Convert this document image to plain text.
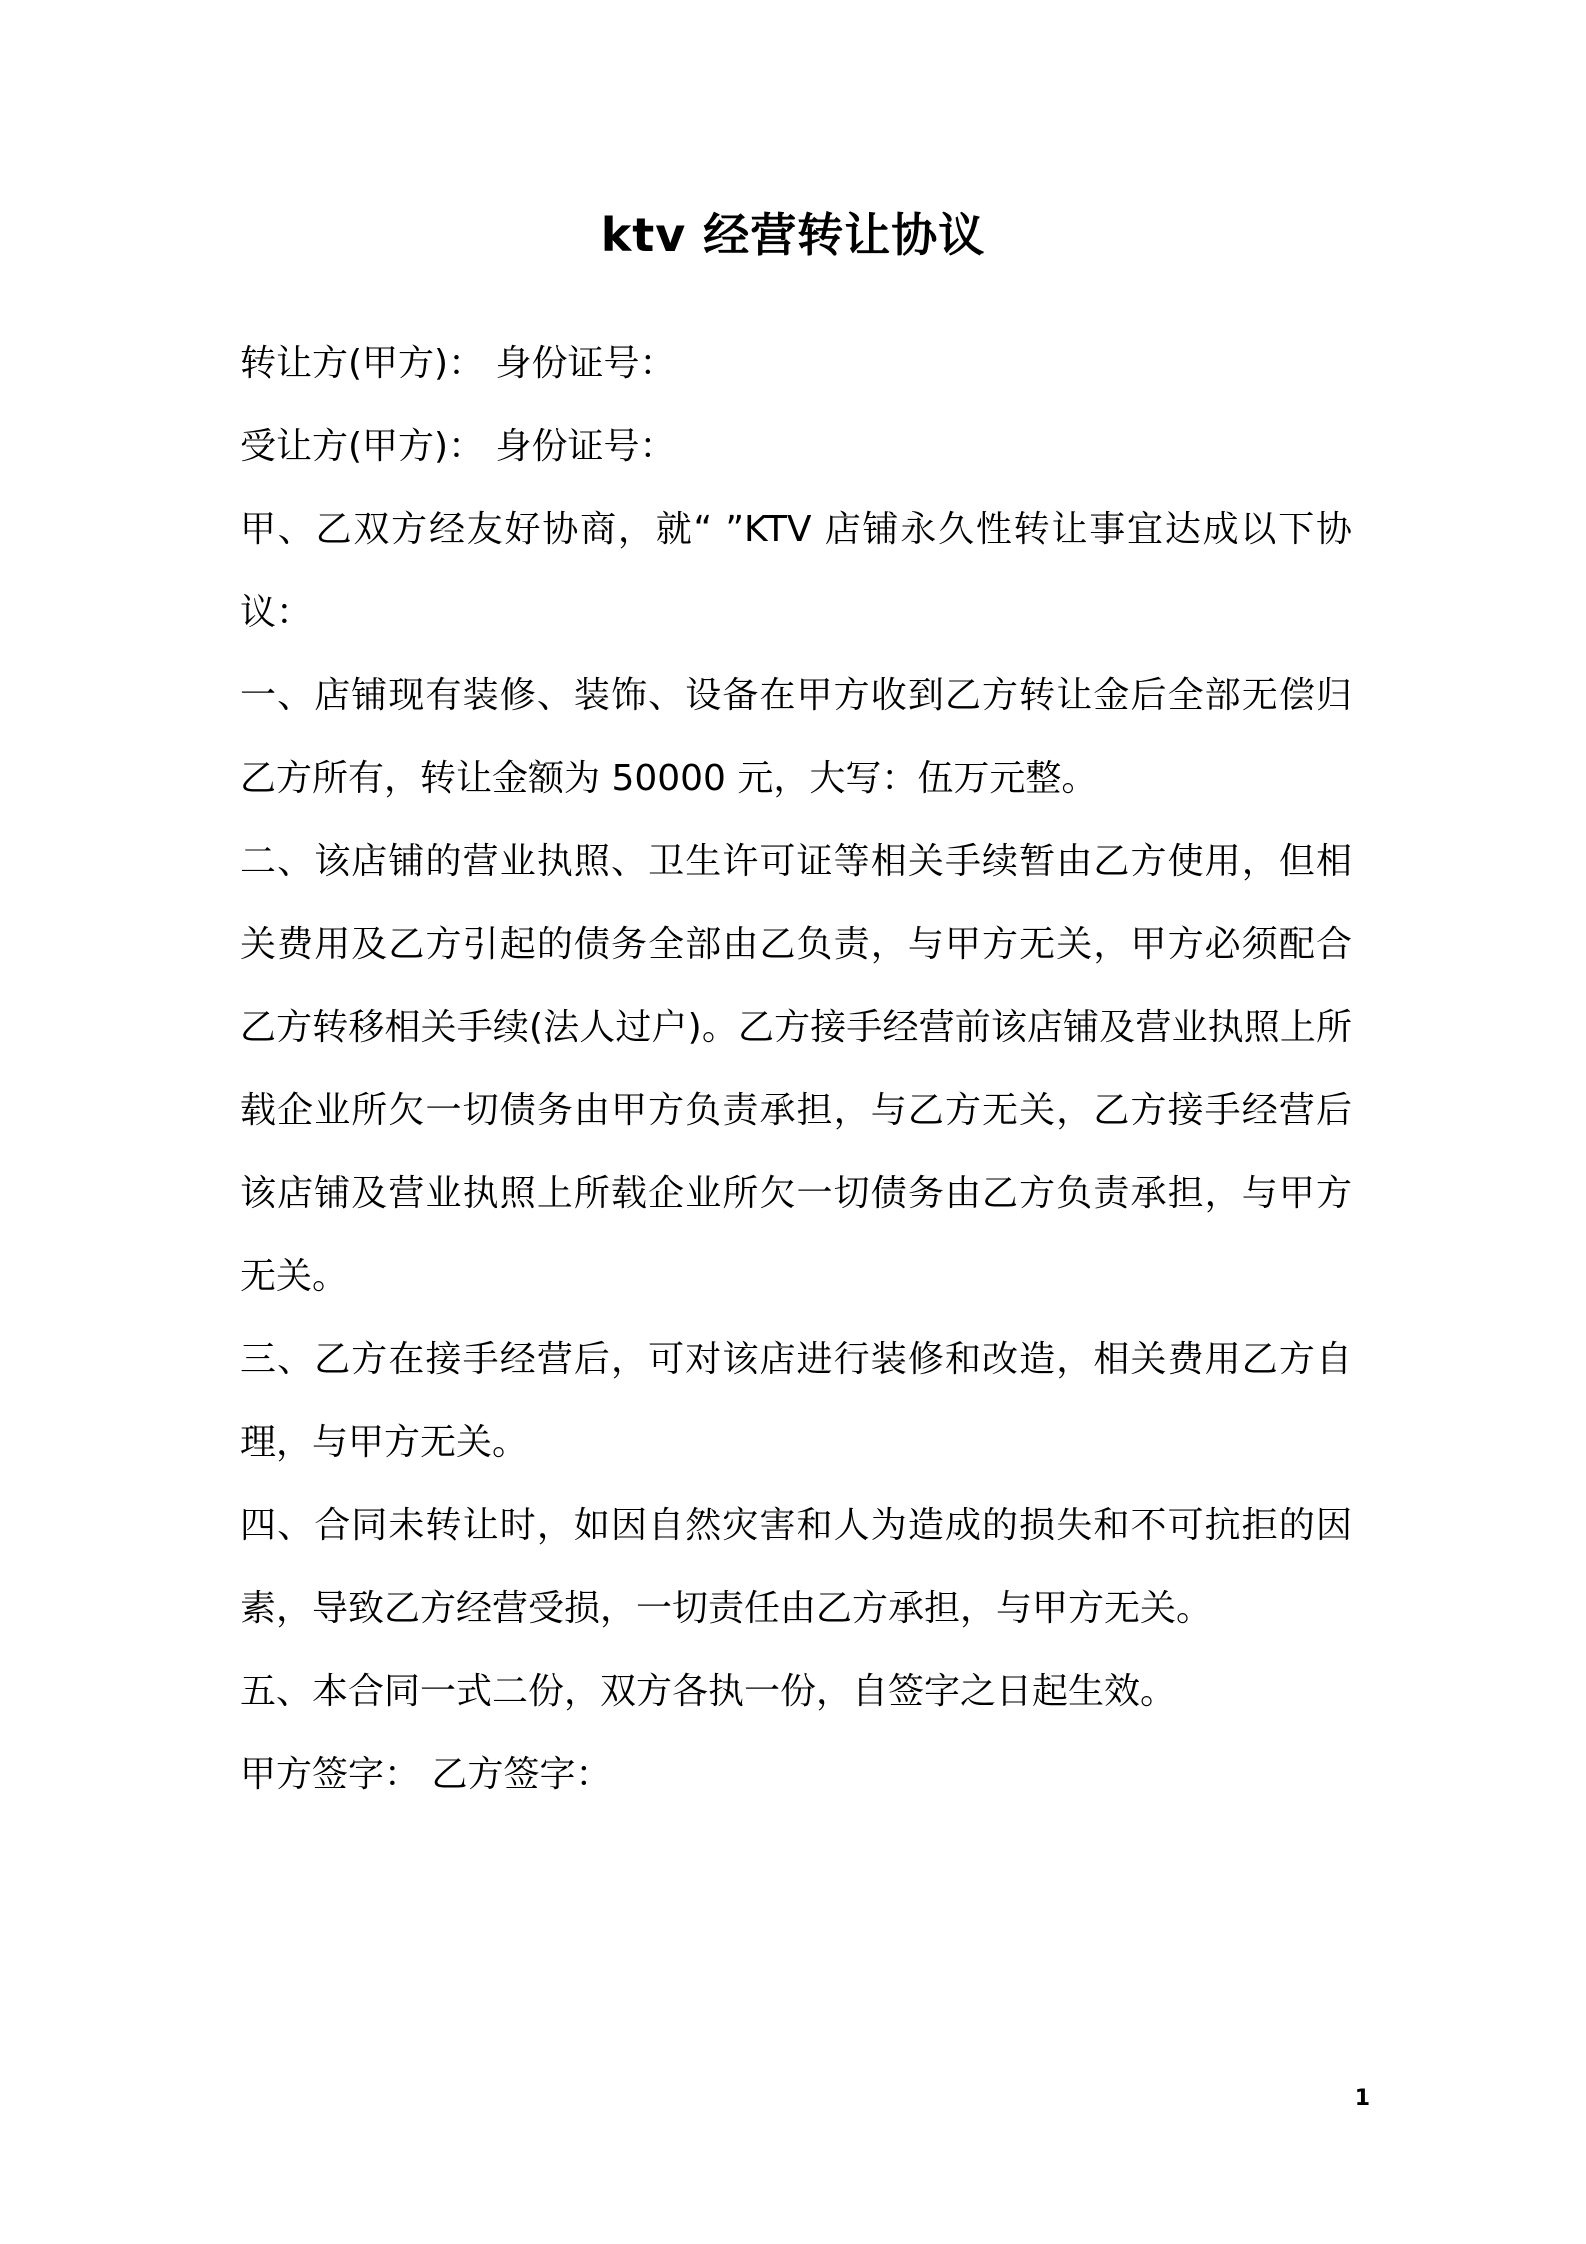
ktv 经营转让协议

转让方(甲方)： 身份证号：

受让方(甲方)： 身份证号：

甲、乙双方经友好协商，就“ ”KTV 店铺永久性转让事宜达成以下协议：

一、店铺现有装修、装饰、设备在甲方收到乙方转让金后全部无偿归乙方所有，转让金额为 50000 元，大写：伍万元整。

二、该店铺的营业执照、卫生许可证等相关手续暂由乙方使用，但相关费用及乙方引起的债务全部由乙负责，与甲方无关，甲方必须配合乙方转移相关手续(法人过户)。乙方接手经营前该店铺及营业执照上所载企业所欠一切债务由甲方负责承担，与乙方无关，乙方接手经营后该店铺及营业执照上所载企业所欠一切债务由乙方负责承担，与甲方无关。

三、乙方在接手经营后，可对该店进行装修和改造，相关费用乙方自理，与甲方无关。

四、合同未转让时，如因自然灾害和人为造成的损失和不可抗拒的因素，导致乙方经营受损，一切责任由乙方承担，与甲方无关。

五、本合同一式二份，双方各执一份，自签字之日起生效。

甲方签字： 乙方签字：

1
